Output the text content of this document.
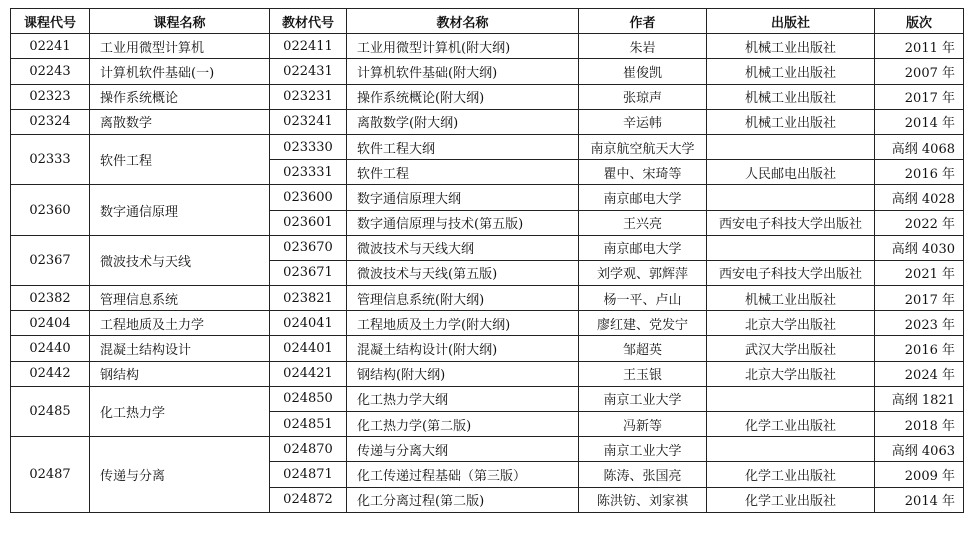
课程代号	课程名称	教材代号	教材名称	作者	出版社	版次
02241	工业用微型计算机	022411	工业用微型计算机(附大纲)	朱岩	机械工业出版社	2011 年
02243	计算机软件基础(一)	022431	计算机软件基础(附大纲)	崔俊凯	机械工业出版社	2007 年
02323	操作系统概论	023231	操作系统概论(附大纲)	张琼声	机械工业出版社	2017 年
02324	离散数学	023241	离散数学(附大纲)	辛运帏	机械工业出版社	2014 年
02333	软件工程	023330	软件工程大纲	南京航空航天大学		高纲 4068
		023331	软件工程	瞿中、宋琦等	人民邮电出版社	2016 年
02360	数字通信原理	023600	数字通信原理大纲	南京邮电大学		高纲 4028
		023601	数字通信原理与技术(第五版)	王兴亮	西安电子科技大学出版社	2022 年
02367	微波技术与天线	023670	微波技术与天线大纲	南京邮电大学		高纲 4030
		023671	微波技术与天线(第五版)	刘学观、郭辉萍	西安电子科技大学出版社	2021 年
02382	管理信息系统	023821	管理信息系统(附大纲)	杨一平、卢山	机械工业出版社	2017 年
02404	工程地质及土力学	024041	工程地质及土力学(附大纲)	廖红建、党发宁	北京大学出版社	2023 年
02440	混凝土结构设计	024401	混凝土结构设计(附大纲)	邹超英	武汉大学出版社	2016 年
02442	钢结构	024421	钢结构(附大纲)	王玉银	北京大学出版社	2024 年
02485	化工热力学	024850	化工热力学大纲	南京工业大学		高纲 1821
		024851	化工热力学(第二版)	冯新等	化学工业出版社	2018 年
02487	传递与分离	024870	传递与分离大纲	南京工业大学		高纲 4063
		024871	化工传递过程基础（第三版）	陈涛、张国亮	化学工业出版社	2009 年
		024872	化工分离过程(第二版)	陈洪钫、刘家祺	化学工业出版社	2014 年
